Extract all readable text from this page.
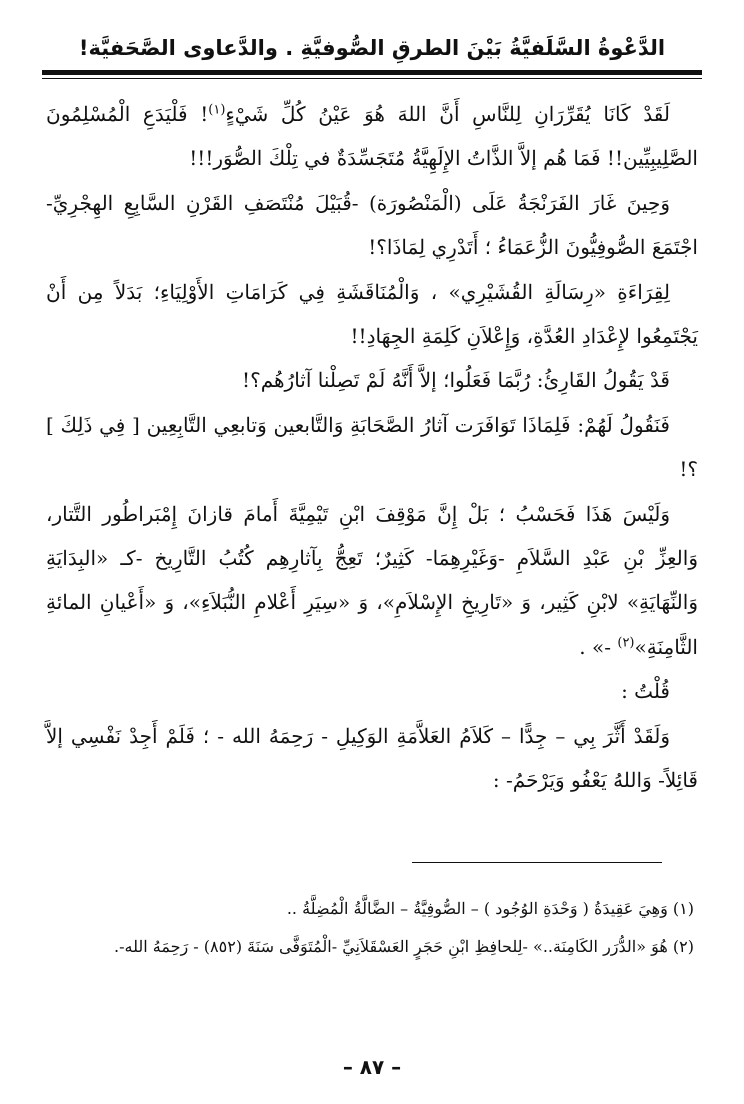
الدَّعْوةُ السَّلَفيَّةُ بَيْنَ الطرقِ الصُّوفيَّةِ . والدَّعاوى الصَّحَفيَّة!

لَقَدْ كَانَا يُقَرِّرَانِ لِلنَّاسِ أَنَّ اللهَ هُوَ عَيْنُ كُلِّ شَيْءٍ$^{(١)}$! فَلْيَدَعِ الْمُسْلِمُونَ الصَّلِيبِيِّين!! فَمَا هُم إلاَّ الذَّاتُ الإِلَهِيَّةُ مُتَجَسِّدَةٌ في تِلْكَ الصُّوَر!!!

وَحِينَ غَارَ الفَرَنْجَةُ عَلَى (الْمَنْصُورَة) -قُبَيْلَ مُنْتَصَفِ القَرْنِ السَّابِعِ الهِجْرِيِّ- اجْتَمَعَ الصُّوفِيُّونَ الزُّعَمَاءُ ؛ أَتَدْرِي لِمَاذَا؟!

لِقِرَاءَةِ «رِسَالَةِ القُشَيْرِي» ، وَالْمُنَاقَشَةِ فِي كَرَامَاتِ الأَوْلِيَاءِ؛ بَدَلاً مِن أَنْ يَجْتَمِعُوا لإِعْدَادِ العُدَّةِ، وَإِعْلاَنِ كَلِمَةِ الجِهَادِ!!

قَدْ يَقُولُ القَارِئُ: رُبَّمَا فَعَلُوا؛ إلاَّ أَنَّهُ لَمْ تَصِلْنا آثارُهُم؟!

فَنَقُولُ لَهُمْ: فَلِمَاذَا تَوَافَرَت آثارُ الصَّحَابَةِ وَالتَّابعين وَتابعِي التَّابِعِين [ فِي ذَلِكَ ] ؟!

وَلَيْسَ هَذَا فَحَسْبُ ؛ بَلْ إِنَّ مَوْقِفَ ابْنِ تَيْمِيَّةَ أَمامَ قازانَ إِمْبَراطُور التَّتار، وَالعِزِّ بْنِ عَبْدِ السَّلاَمِ -وَغَيْرِهِمَا- كَثِيرٌ؛ تَعِجُّ بِآثارِهِم كُتُبُ التَّارِيخ -كـ «البِدَايَةِ وَالنِّهَايَةِ» لابْنِ كَثِير، وَ «تَارِيخِ الإِسْلاَمِ»، وَ «سِيَرِ أَعْلامِ النُّبَلاَءِ»، وَ «أَعْيانِ المائةِ الثَّامِنَةِ»$^{(٢)}$ -» .

قُلْتُ :

وَلَقَدْ أَثَّرَ بِي – جِدًّا – كَلاَمُ العَلاَّمَةِ الوَكِيلِ - رَحِمَهُ الله - ؛ فَلَمْ أَجِدْ نَفْسِي إلاَّ قَائِلاً- وَاللهُ يَعْفُو وَيَرْحَمُ- :

(١) وَهِيَ عَقِيدَةُ ( وَحْدَةِ الوُجُود ) – الصُّوفِيَّةُ – الضَّالَّةُ الْمُضِلَّةُ ..

(٢) هُوَ «الدُّرَر الكَامِنَة..» -لِلحافِظِ ابْنِ حَجَرٍ العَسْقَلاَنِيِّ -الْمُتَوَفَّى سَنَةَ (٨٥٢) - رَحِمَهُ الله-.

– ٨٧ –
